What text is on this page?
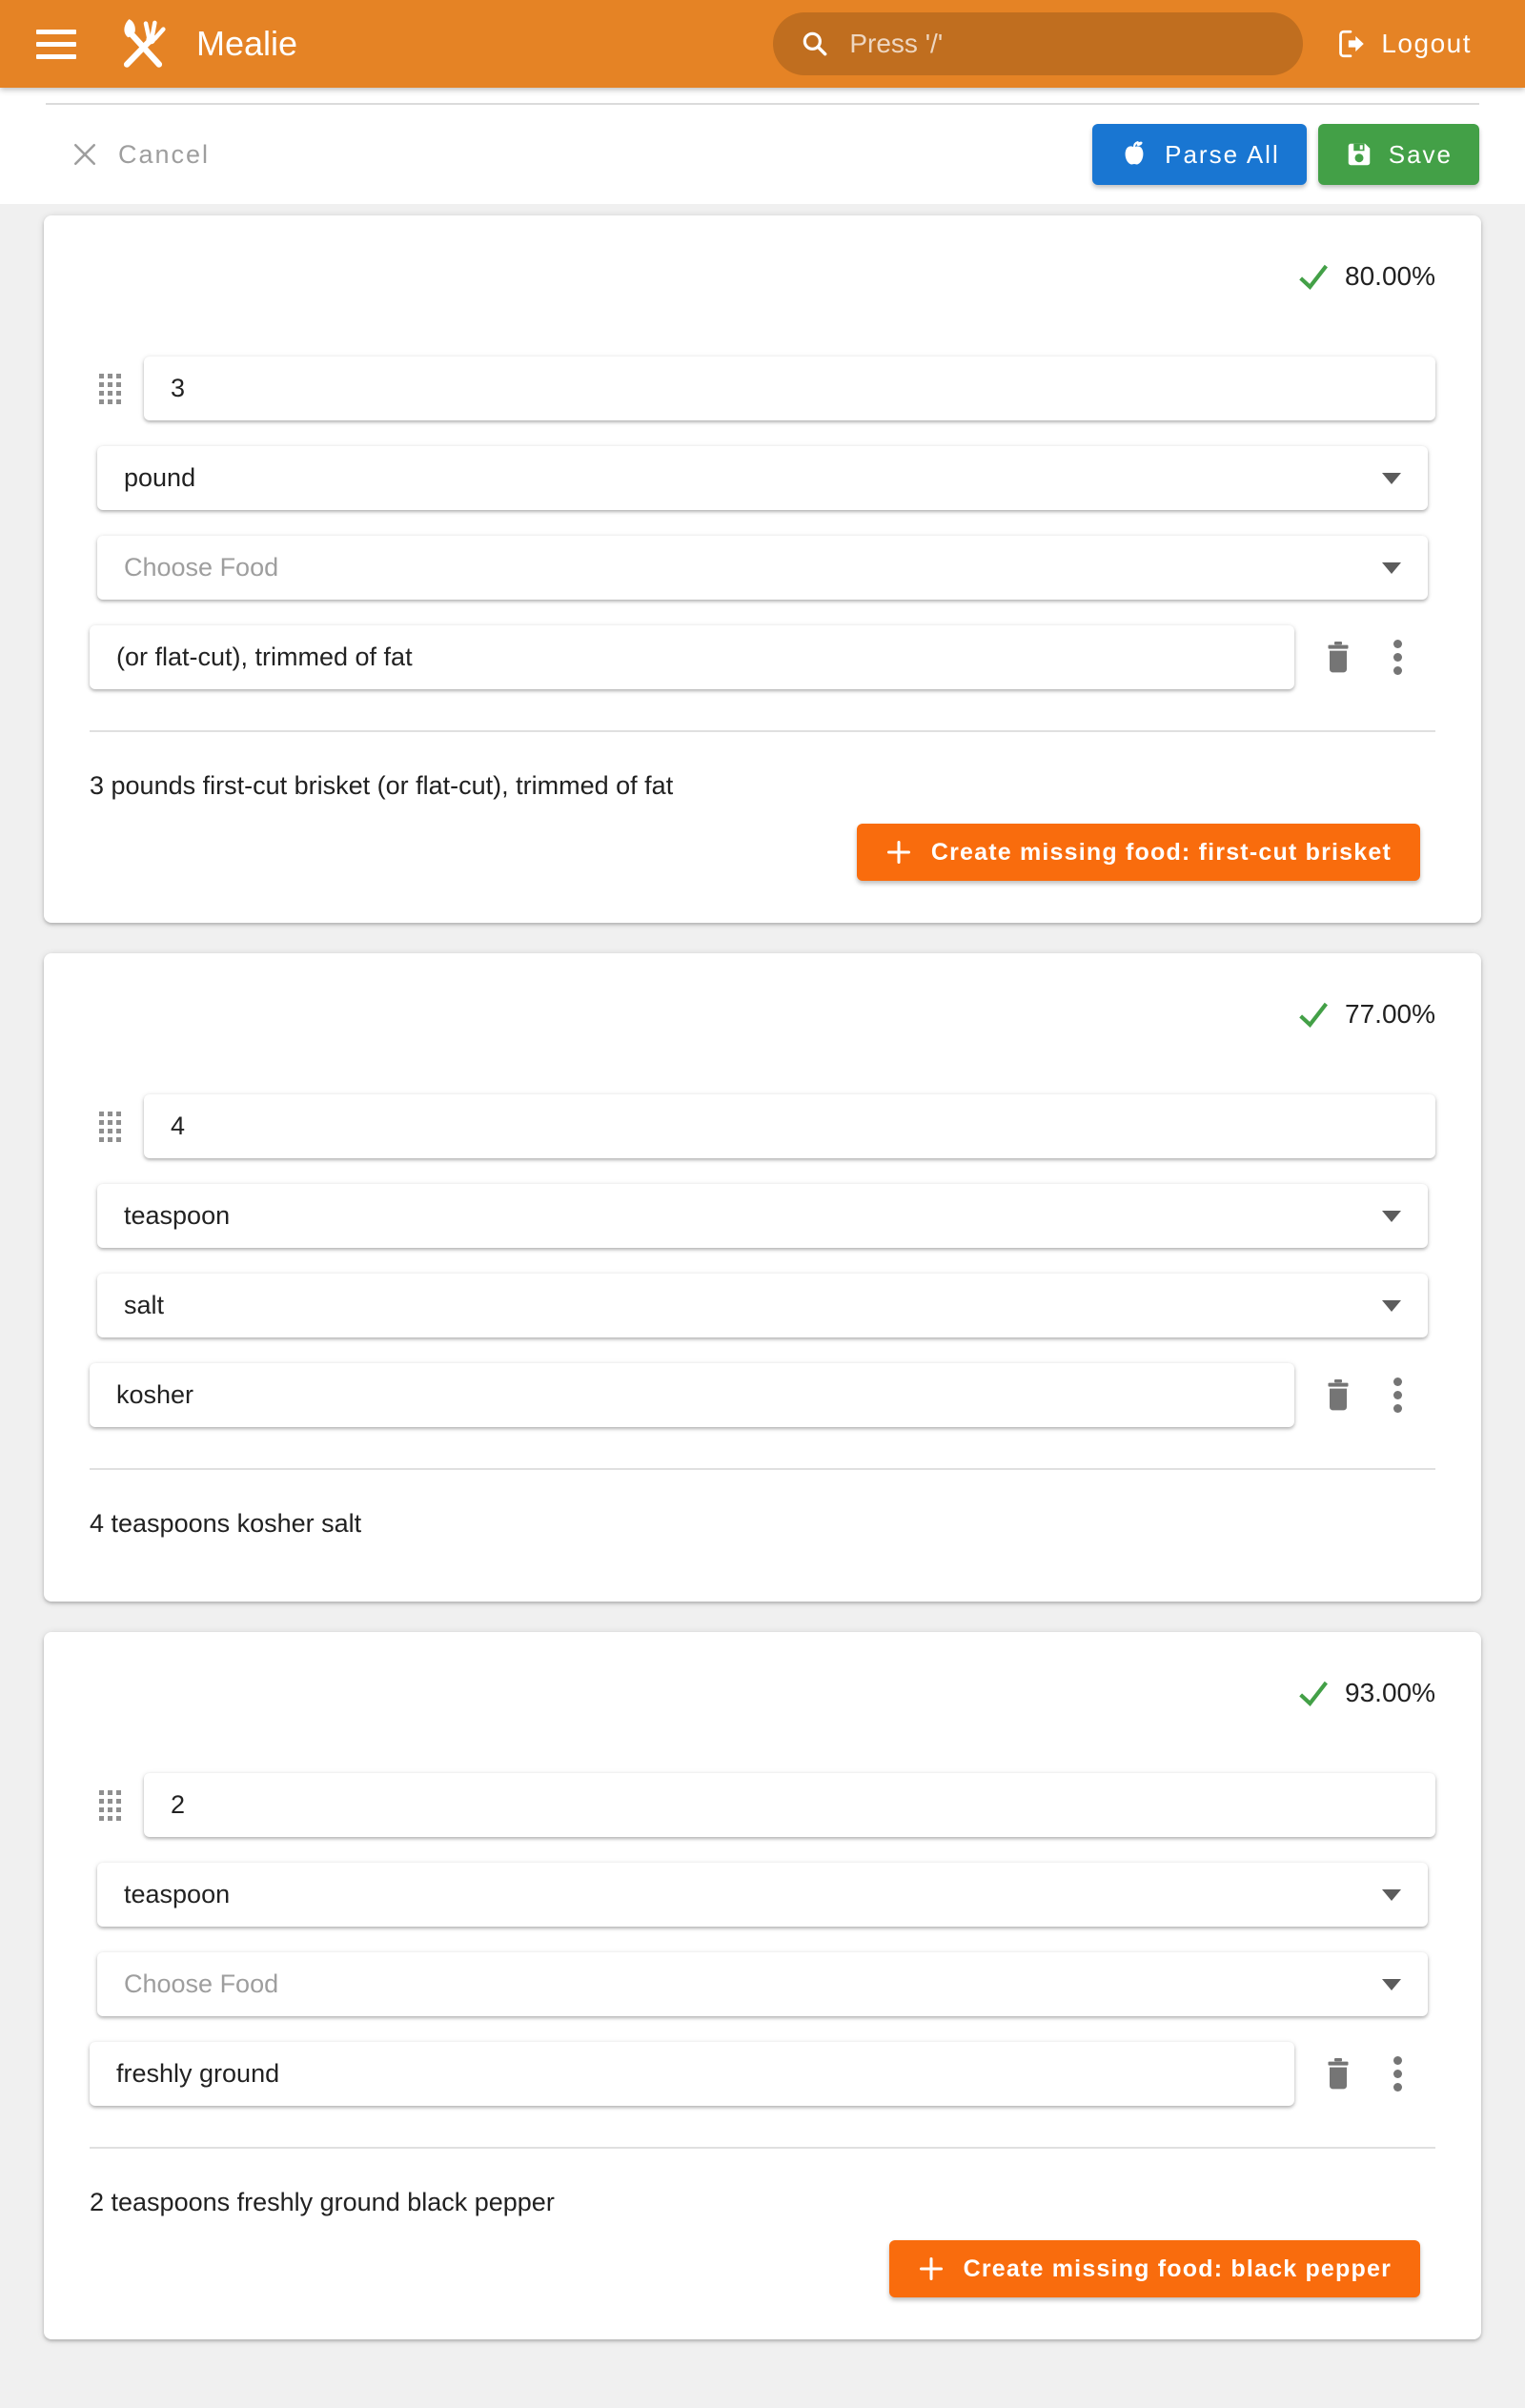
Mealie	Press '/'	Logout
Cancel	Parse All	Save
80.00%
3
pound
Choose Food
(or flat-cut), trimmed of fat
3 pounds first-cut brisket (or flat-cut), trimmed of fat
Create missing food: first-cut brisket
77.00%
4
teaspoon
salt
kosher
4 teaspoons kosher salt
93.00%
2
teaspoon
Choose Food
freshly ground
2 teaspoons freshly ground black pepper
Create missing food: black pepper
